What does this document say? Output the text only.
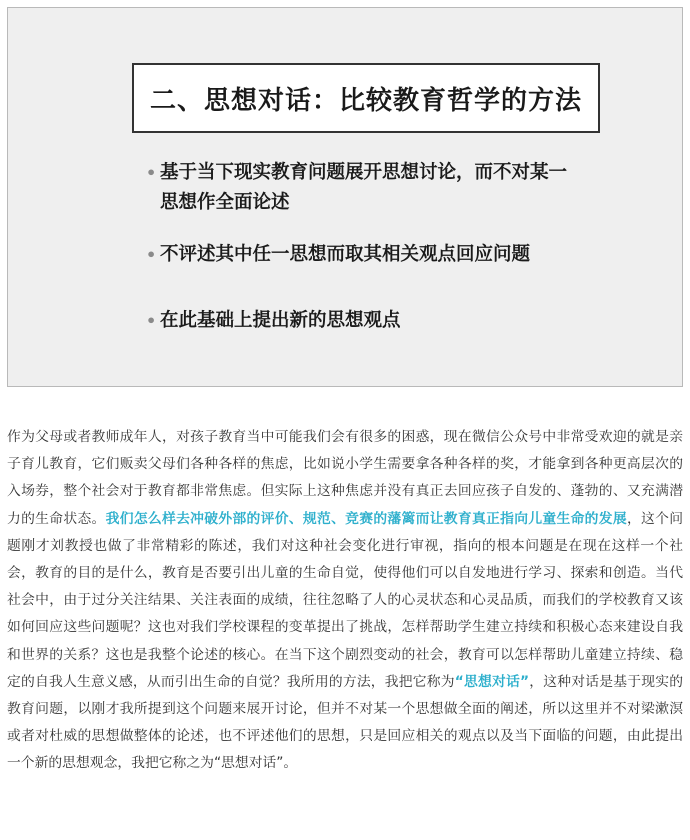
二、思想对话：比较教育哲学的方法
• 基于当下现实教育问题展开思想讨论，而不对某一思想作全面论述
• 不评述其中任一思想而取其相关观点回应问题
• 在此基础上提出新的思想观点
作为父母或者教师成年人，对孩子教育当中可能我们会有很多的困惑，现在微信公众号中非常受欢迎的就是亲子育儿教育，它们贩卖父母们各种各样的焦虑，比如说小学生需要拿各种各样的奖，才能拿到各种更高层次的入场券，整个社会对于教育都非常焦虑。但实际上这种焦虑并没有真正去回应孩子自发的、蓬勃的、又充满潜力的生命状态。我们怎么样去冲破外部的评价、规范、竞赛的藩篱而让教育真正指向儿童生命的发展，这个问题刚才刘教授也做了非常精彩的陈述，我们对这种社会变化进行审视，指向的根本问题是在现在这样一个社会，教育的目的是什么，教育是否要引出儿童的生命自觉，使得他们可以自发地进行学习、探索和创造。当代社会中，由于过分关注结果、关注表面的成绩，往往忽略了人的心灵状态和心灵品质，而我们的学校教育又该如何回应这些问题呢？这也对我们学校课程的变革提出了挑战，怎样帮助学生建立持续和积极心态来建设自我和世界的关系？这也是我整个论述的核心。在当下这个剧烈变动的社会，教育可以怎样帮助儿童建立持续、稳定的自我人生意义感，从而引出生命的自觉？我所用的方法，我把它称为“思想对话”，这种对话是基于现实的教育问题，以刚才我所提到这个问题来展开讨论，但并不对某一个思想做全面的阐述，所以这里并不对梁漱溟或者对杜威的思想做整体的论述，也不评述他们的思想，只是回应相关的观点以及当下面临的问题，由此提出一个新的思想观念，我把它称之为“思想对话”。
